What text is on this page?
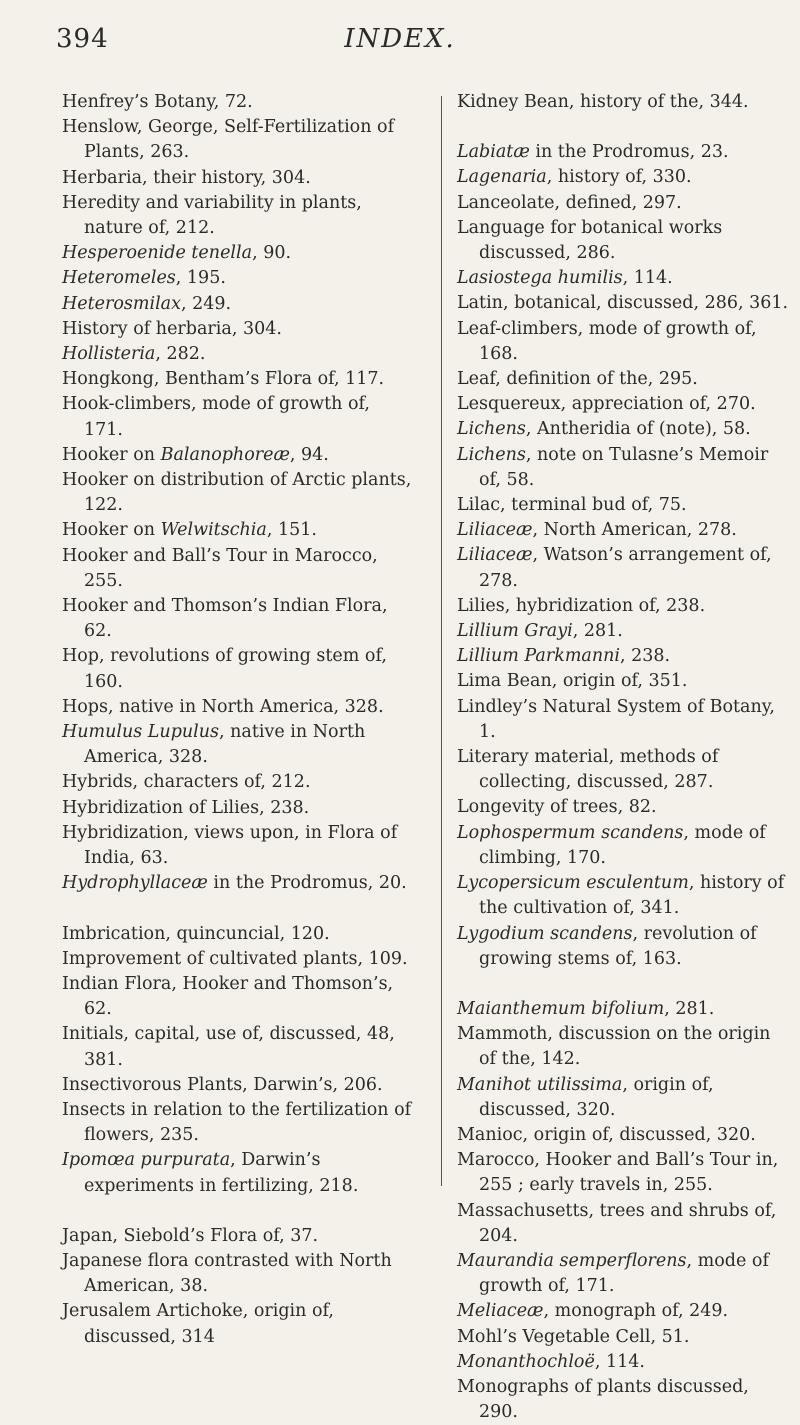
394	INDEX.
Henfrey’s Botany, 72.
Henslow, George, Self-Fertilization of Plants, 263.
Herbaria, their history, 304.
Heredity and variability in plants, nature of, 212.
Hesperoenide tenella, 90.
Heteromeles, 195.
Heterosmilax, 249.
History of herbaria, 304.
Hollisteria, 282.
Hongkong, Bentham’s Flora of, 117.
Hook-climbers, mode of growth of, 171.
Hooker on Balanophoreæ, 94.
Hooker on distribution of Arctic plants, 122.
Hooker on Welwitschia, 151.
Hooker and Ball’s Tour in Marocco, 255.
Hooker and Thomson’s Indian Flora, 62.
Hop, revolutions of growing stem of, 160.
Hops, native in North America, 328.
Humulus Lupulus, native in North America, 328.
Hybrids, characters of, 212.
Hybridization of Lilies, 238.
Hybridization, views upon, in Flora of India, 63.
Hydrophyllaceæ in the Prodromus, 20.
Imbrication, quincuncial, 120.
Improvement of cultivated plants, 109.
Indian Flora, Hooker and Thomson’s, 62.
Initials, capital, use of, discussed, 48, 381.
Insectivorous Plants, Darwin’s, 206.
Insects in relation to the fertilization of flowers, 235.
Ipomœa purpurata, Darwin’s experiments in fertilizing, 218.
Japan, Siebold’s Flora of, 37.
Japanese flora contrasted with North American, 38.
Jerusalem Artichoke, origin of, discussed, 314
Kidney Bean, history of the, 344.
Labiatæ in the Prodromus, 23.
Lagenaria, history of, 330.
Lanceolate, defined, 297.
Language for botanical works discussed, 286.
Lasiostega humilis, 114.
Latin, botanical, discussed, 286, 361.
Leaf-climbers, mode of growth of, 168.
Leaf, definition of the, 295.
Lesquereux, appreciation of, 270.
Lichens, Antheridia of (note), 58.
Lichens, note on Tulasne’s Memoir of, 58.
Lilac, terminal bud of, 75.
Liliaceæ, North American, 278.
Liliaceæ, Watson’s arrangement of, 278.
Lilies, hybridization of, 238.
Lillium Grayi, 281.
Lillium Parkmanni, 238.
Lima Bean, origin of, 351.
Lindley’s Natural System of Botany, 1.
Literary material, methods of collecting, discussed, 287.
Longevity of trees, 82.
Lophospermum scandens, mode of climbing, 170.
Lycopersicum esculentum, history of the cultivation of, 341.
Lygodium scandens, revolution of growing stems of, 163.
Maianthemum bifolium, 281.
Mammoth, discussion on the origin of the, 142.
Manihot utilissima, origin of, discussed, 320.
Manioc, origin of, discussed, 320.
Marocco, Hooker and Ball’s Tour in, 255 ; early travels in, 255.
Massachusetts, trees and shrubs of, 204.
Maurandia semperflorens, mode of growth of, 171.
Meliaceæ, monograph of, 249.
Mohl’s Vegetable Cell, 51.
Monanthochloë, 114.
Monographs of plants discussed, 290.
